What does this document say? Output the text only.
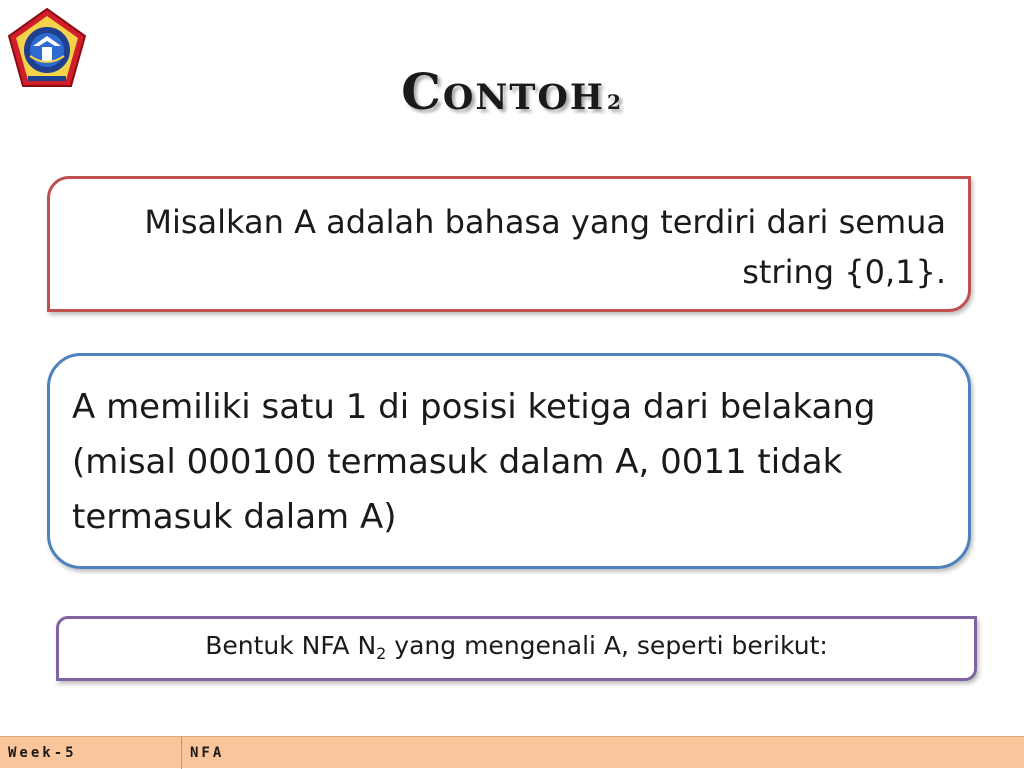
Contoh 2
Misalkan A adalah bahasa yang terdiri dari semua string {0,1}.
A memiliki satu 1 di posisi ketiga dari belakang (misal 000100 termasuk dalam A, 0011 tidak termasuk dalam A)
Bentuk NFA $N_2$ yang mengenali A, seperti berikut:
Week-5	NFA
